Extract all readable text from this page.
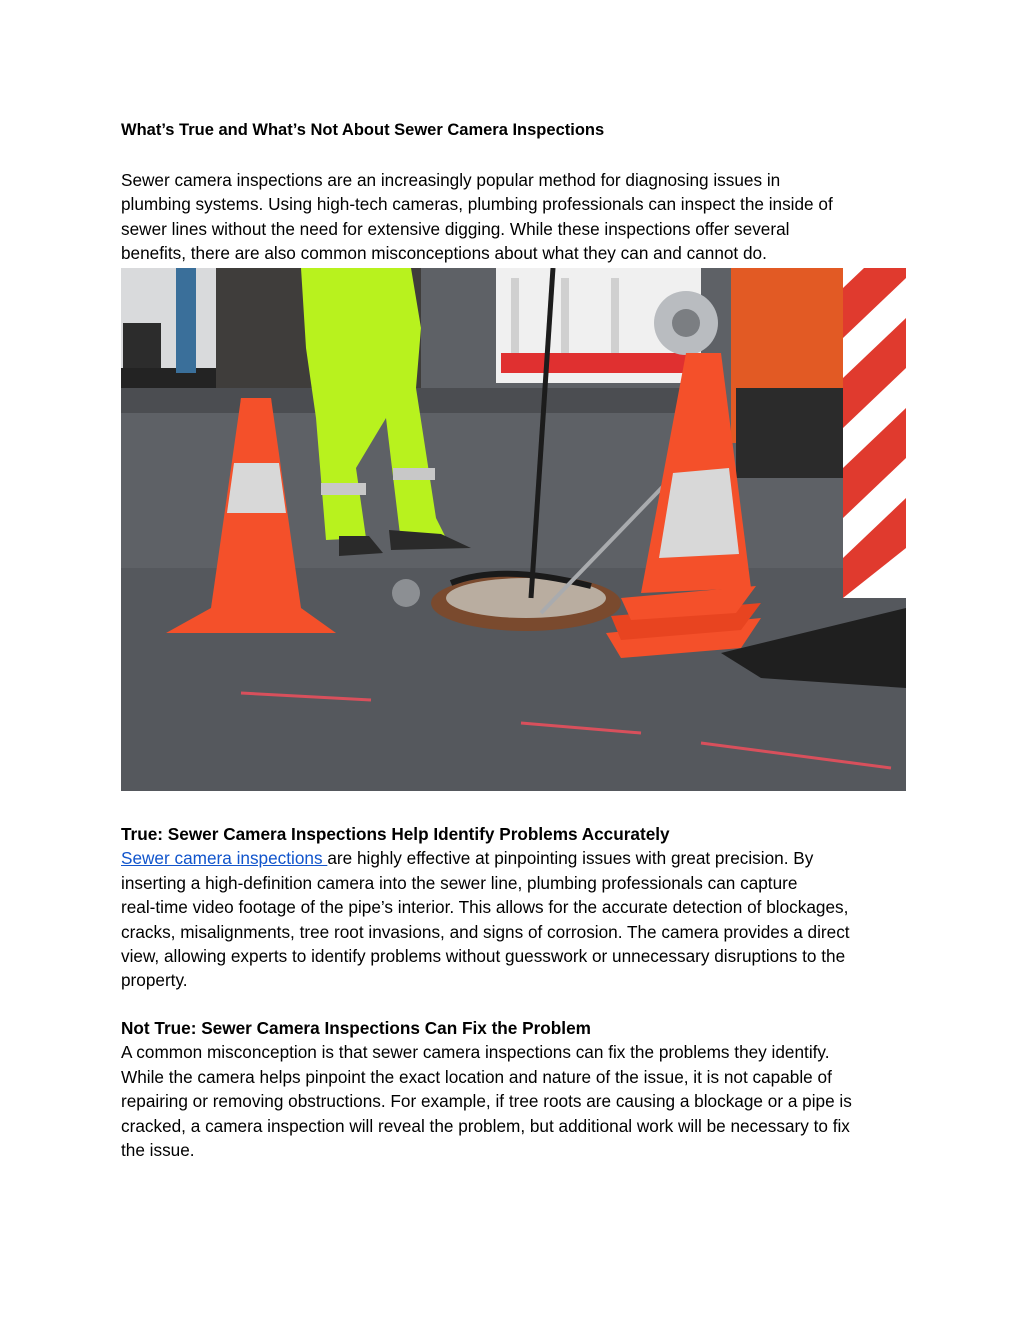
What’s True and What’s Not About Sewer Camera Inspections
Sewer camera inspections are an increasingly popular method for diagnosing issues in
plumbing systems. Using high-tech cameras, plumbing professionals can inspect the inside of
sewer lines without the need for extensive digging. While these inspections offer several
benefits, there are also common misconceptions about what they can and cannot do.
True: Sewer Camera Inspections Help Identify Problems Accurately
Sewer camera inspections are highly effective at pinpointing issues with great precision. By
inserting a high-definition camera into the sewer line, plumbing professionals can capture
real-time video footage of the pipe’s interior. This allows for the accurate detection of blockages,
cracks, misalignments, tree root invasions, and signs of corrosion. The camera provides a direct
view, allowing experts to identify problems without guesswork or unnecessary disruptions to the
property.
Not True: Sewer Camera Inspections Can Fix the Problem
A common misconception is that sewer camera inspections can fix the problems they identify.
While the camera helps pinpoint the exact location and nature of the issue, it is not capable of
repairing or removing obstructions. For example, if tree roots are causing a blockage or a pipe is
cracked, a camera inspection will reveal the problem, but additional work will be necessary to fix
the issue.
